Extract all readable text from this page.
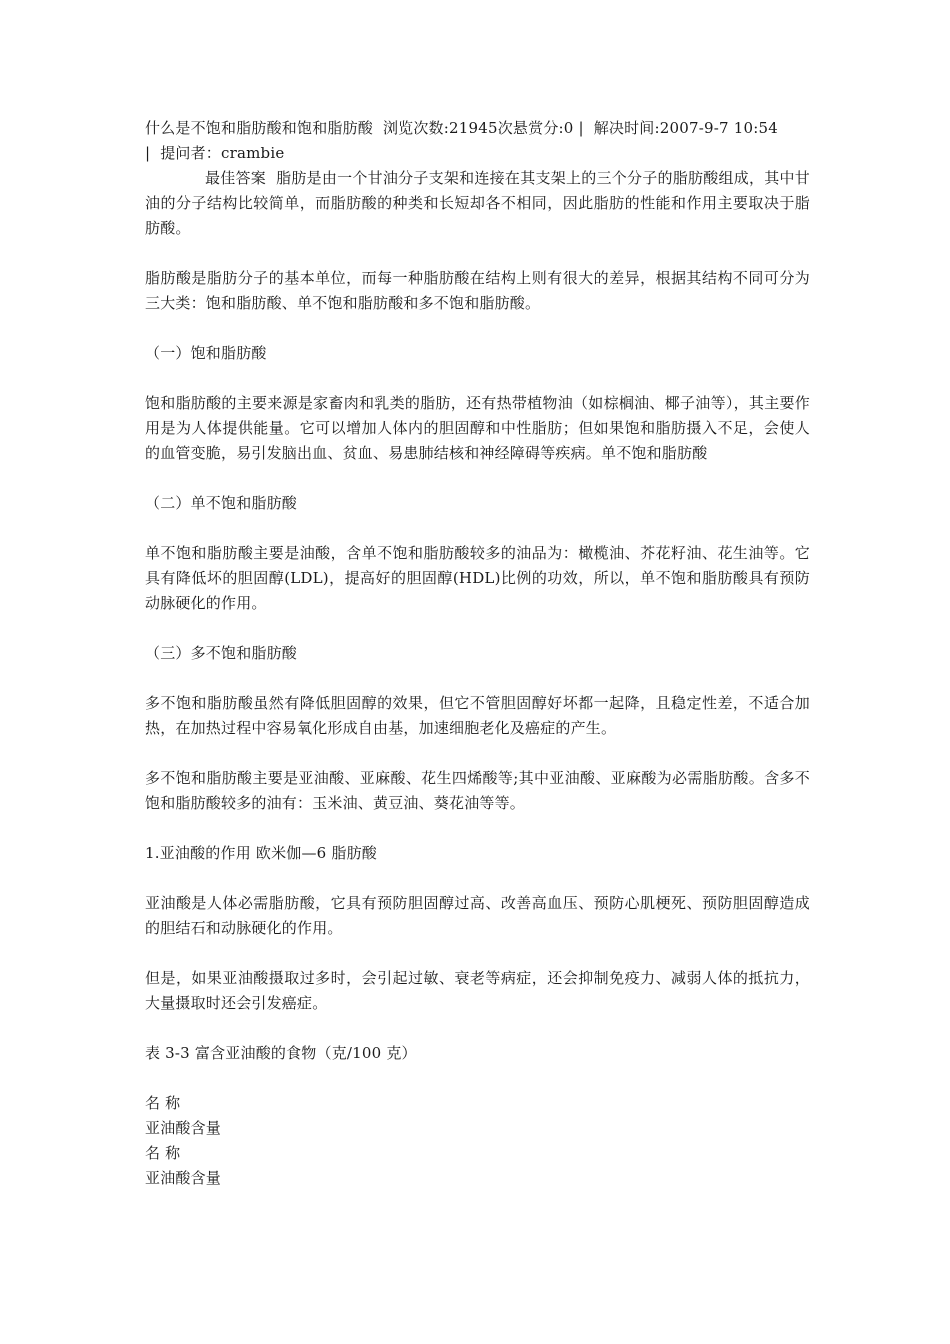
什么是不饱和脂肪酸和饱和脂肪酸 浏览次数:21945次悬赏分:0 | 解决时间:2007-9-7 10:54
| 提问者：crambie

最佳答案 脂肪是由一个甘油分子支架和连接在其支架上的三个分子的脂肪酸组成，其中甘油的分子结构比较简单，而脂肪酸的种类和长短却各不相同，因此脂肪的性能和作用主要取决于脂肪酸。

脂肪酸是脂肪分子的基本单位，而每一种脂肪酸在结构上则有很大的差异，根据其结构不同可分为三大类：饱和脂肪酸、单不饱和脂肪酸和多不饱和脂肪酸。

（一）饱和脂肪酸

饱和脂肪酸的主要来源是家畜肉和乳类的脂肪，还有热带植物油（如棕榈油、椰子油等），其主要作用是为人体提供能量。它可以增加人体内的胆固醇和中性脂肪；但如果饱和脂肪摄入不足，会使人的血管变脆，易引发脑出血、贫血、易患肺结核和神经障碍等疾病。单不饱和脂肪酸

（二）单不饱和脂肪酸

单不饱和脂肪酸主要是油酸，含单不饱和脂肪酸较多的油品为：橄榄油、芥花籽油、花生油等。它具有降低坏的胆固醇(LDL)，提高好的胆固醇(HDL)比例的功效，所以，单不饱和脂肪酸具有预防动脉硬化的作用。

（三）多不饱和脂肪酸

多不饱和脂肪酸虽然有降低胆固醇的效果，但它不管胆固醇好坏都一起降，且稳定性差，不适合加热，在加热过程中容易氧化形成自由基，加速细胞老化及癌症的产生。

多不饱和脂肪酸主要是亚油酸、亚麻酸、花生四烯酸等;其中亚油酸、亚麻酸为必需脂肪酸。含多不饱和脂肪酸较多的油有：玉米油、黄豆油、葵花油等等。

1.亚油酸的作用 欧米伽—6 脂肪酸

亚油酸是人体必需脂肪酸，它具有预防胆固醇过高、改善高血压、预防心肌梗死、预防胆固醇造成的胆结石和动脉硬化的作用。

但是，如果亚油酸摄取过多时，会引起过敏、衰老等病症，还会抑制免疫力、减弱人体的抵抗力，大量摄取时还会引发癌症。

表 3-3 富含亚油酸的食物（克/100 克）

名 称

亚油酸含量

名 称

亚油酸含量
